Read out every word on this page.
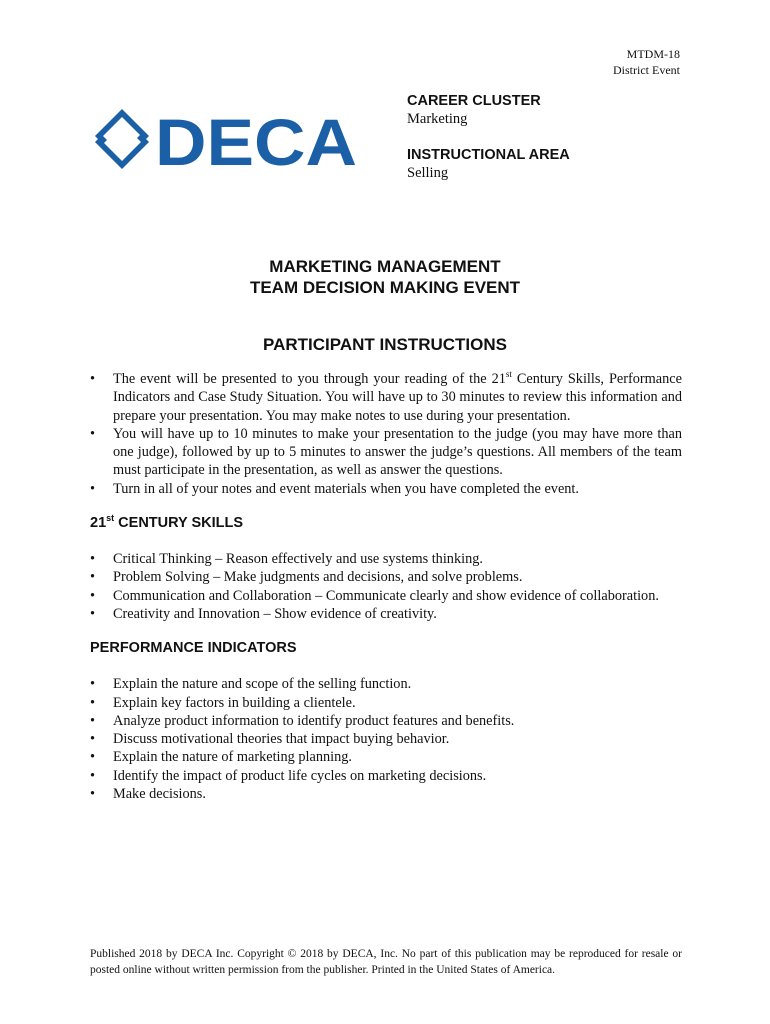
MTDM-18
District Event
DECA

CAREER CLUSTER

Marketing

INSTRUCTIONAL AREA

Selling

MARKETING MANAGEMENT
TEAM DECISION MAKING EVENT
PARTICIPANT INSTRUCTIONS
• The event will be presented to you through your reading of the 21st Century Skills, Performance Indicators and Case Study Situation. You will have up to 30 minutes to review this information and prepare your presentation. You may make notes to use during your presentation.
• You will have up to 10 minutes to make your presentation to the judge (you may have more than one judge), followed by up to 5 minutes to answer the judge’s questions. All members of the team must participate in the presentation, as well as answer the questions.
• Turn in all of your notes and event materials when you have completed the event.
21st CENTURY SKILLS
• Critical Thinking – Reason effectively and use systems thinking.
• Problem Solving – Make judgments and decisions, and solve problems.
• Communication and Collaboration – Communicate clearly and show evidence of collaboration.
• Creativity and Innovation – Show evidence of creativity.
PERFORMANCE INDICATORS
• Explain the nature and scope of the selling function.
• Explain key factors in building a clientele.
• Analyze product information to identify product features and benefits.
• Discuss motivational theories that impact buying behavior.
• Explain the nature of marketing planning.
• Identify the impact of product life cycles on marketing decisions.
• Make decisions.
Published 2018 by DECA Inc. Copyright © 2018 by DECA, Inc. No part of this publication may be reproduced for resale or posted online without written permission from the publisher. Printed in the United States of America.
